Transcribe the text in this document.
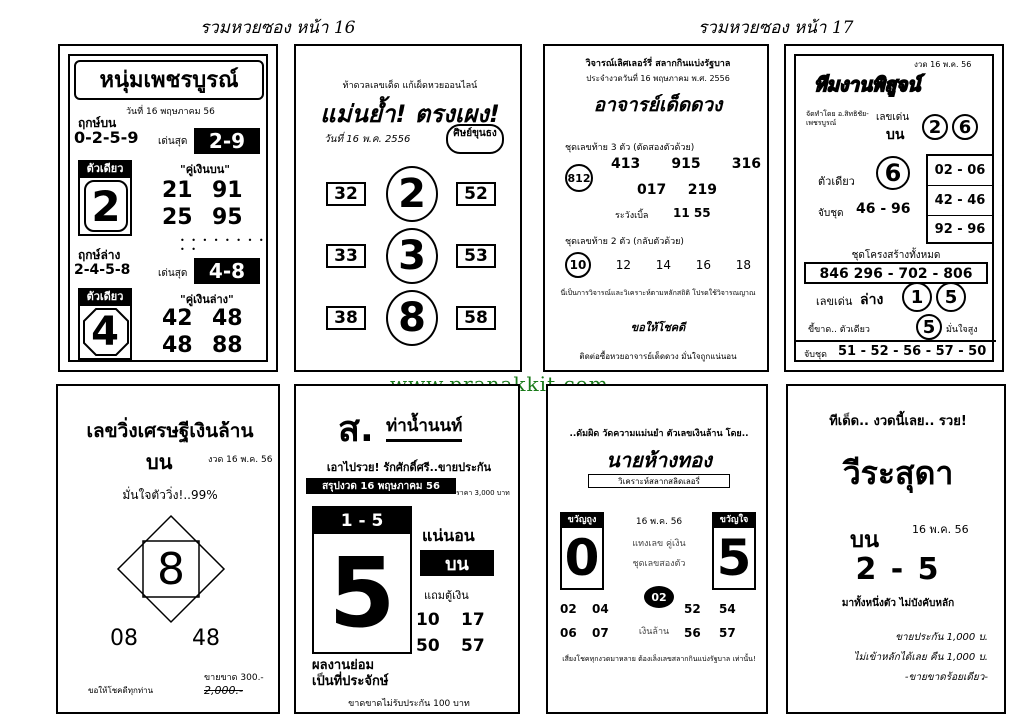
รวมหวยซอง หน้า 16	รวมหวยซอง หน้า 17
หนุ่มเพชรบูรณ์
วันที่ 16 พฤษภาคม 56
ฤกษ์บน
0-2-5-9 เด่นสุด	2-9
ตัวเดียว
2
"คู่เงินบน"
21 91
25 95
• • • • • • • • • •
ฤกษ์ล่าง
2-4-5-8	เด่นสุด	4-8
ตัวเดียว
4
"คู่เงินล่าง"
42 48
48 88
ท้าดวลเลขเด็ด แก้เผ็ดหวยออนไลน์
แม่นย้ำ! ตรงเผง!
วันที่ 16 พ.ค. 2556
ศิษย์ขุนธง
32	2	52
33	3	53
38	8	58
วิจารณ์เลิศเลอร์รี่ สลากกินแบ่งรัฐบาล
ประจำงวดวันที่ 16 พฤษภาคม พ.ศ. 2556
อาจารย์เด็ดดวง
ชุดเลขท้าย 3 ตัว (ตัดสองตัวด้วย)
812
413 915 316
017 219
ระวังเบิ้ล 11 55
ชุดเลขท้าย 2 ตัว (กลับตัวด้วย)
10	12 14 16 18
นี่เป็นการวิจารณ์และวิเคราะห์ตามหลักสถิติ โปรดใช้วิจารณญาณ
ขอให้โชคดี
ติดต่อซื้อหวยอาจารย์เด็ดดวง มั่นใจถูกแน่นอน
งวด 16 พ.ค. 56
ทีมงานพิสูจน์
จัดทำโดย อ.สิทธิชัย-เพชรบูรณ์	เลขเด่น
บน	2 6
ตัวเดียว	6
จับชุด 46 - 96
02 - 06
42 - 46
92 - 96
ชุดโครงสร้างทั้งหมด
846 296 - 702 - 806
เลขเด่น ล่าง	1	5
ขี้ขาด.. ตัวเดียว	5	มั่นใจสูง
จับชุด 51 - 52 - 56 - 57 - 50
เลขวิ่งเศรษฐีเงินล้าน
บน	งวด 16 พ.ค. 56
มั่นใจตัววิ่ง!..99%
8
08 48
ขอให้โชคดีทุกท่าน
ขายขาด 300.-
2,000.-
ส. ท่าน้ำนนท์
เอาไปรวย! รักศักดิ์ศรี..ขายประกัน
สรุปงวด 16 พฤษภาคม 56
ราคา 3,000 บาท
1 - 5
5
แน่นอน
บน
แถมตู้เงิน
10	17
50	57
ผลงานย่อม
เป็นที่ประจักษ์
ขาดขาดไม่รับประกัน 100 บาท
..ดัมผิด วัดความแม่นยำ ตัวเลขเงินล้าน โดย..
นายห้างทอง
วิเคราะห์สลากสลิดเลอรี่
ขวัญถูง
0
ขวัญใจ
5
16 พ.ค. 56
แทงเลข คู่เงิน
ชุดเลขสองตัว
02
02	04
06	07
52	54
56	57
เงินล้าน
เสี่ยงโชคทุกงวดมาหลาย ต้องเล็งเลขสลากกินแบ่งรัฐบาล เท่านั้น!
ทีเด็ด.. งวดนี้เลย.. รวย!
วีระสุดา
บน	16 พ.ค. 56
2 - 5
มาทั้งหนึ่งตัว ไม่บังคับหลัก
ขายประกัน 1,000 บ.
ไม่เข้าหลักได้เลย คืน 1,000 บ.
-ขายขาดร้อยเดียว-
